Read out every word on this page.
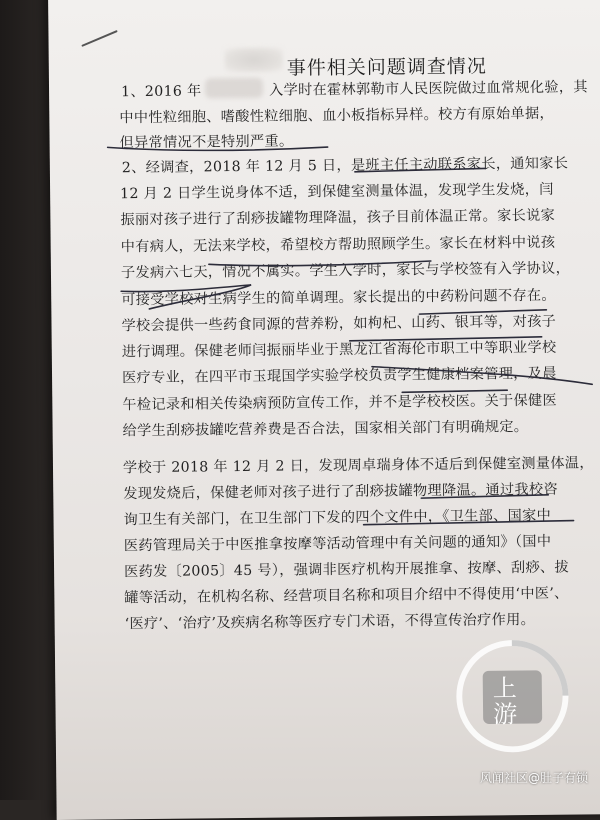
事件相关问题调查情况
1、2016 年	入学时在霍林郭勒市人民医院做过血常规化验，其
中中性粒细胞、嗜酸性粒细胞、血小板指标异样。校方有原始单据，
但异常情况不是特别严重。
2、经调查，2018 年 12 月 5 日，是班主任主动联系家长，通知家长
12 月 2 日学生说身体不适，到保健室测量体温，发现学生发烧，闫
振丽对孩子进行了刮痧拔罐物理降温，孩子目前体温正常。家长说家
中有病人，无法来学校，希望校方帮助照顾学生。家长在材料中说孩
子发病六七天，情况不属实。学生入学时，家长与学校签有入学协议，
可接受学校对生病学生的简单调理。家长提出的中药粉问题不存在。
学校会提供一些药食同源的营养粉，如枸杞、山药、银耳等，对孩子
进行调理。保健老师闫振丽毕业于黑龙江省海伦市职工中等职业学校
医疗专业，在四平市玉琨国学实验学校负责学生健康档案管理，及晨
午检记录和相关传染病预防宣传工作，并不是学校校医。关于保健医
给学生刮痧拔罐吃营养费是否合法，国家相关部门有明确规定。
学校于 2018 年 12 月 2 日，发现周卓瑞身体不适后到保健室测量体温，
发现发烧后，保健老师对孩子进行了刮痧拔罐物理降温。通过我校咨
询卫生有关部门，在卫生部门下发的四个文件中，《卫生部、国家中
医药管理局关于中医推拿按摩等活动管理中有关问题的通知》（国中
医药发〔2005〕45 号），强调非医疗机构开展推拿、按摩、刮痧、拔
罐等活动，在机构名称、经营项目名称和项目介绍中不得使用‘中医’、
‘医疗’、‘治疗’及疾病名称等医疗专门术语，不得宣传治疗作用。
上游
风闻社区@肚子有锁
